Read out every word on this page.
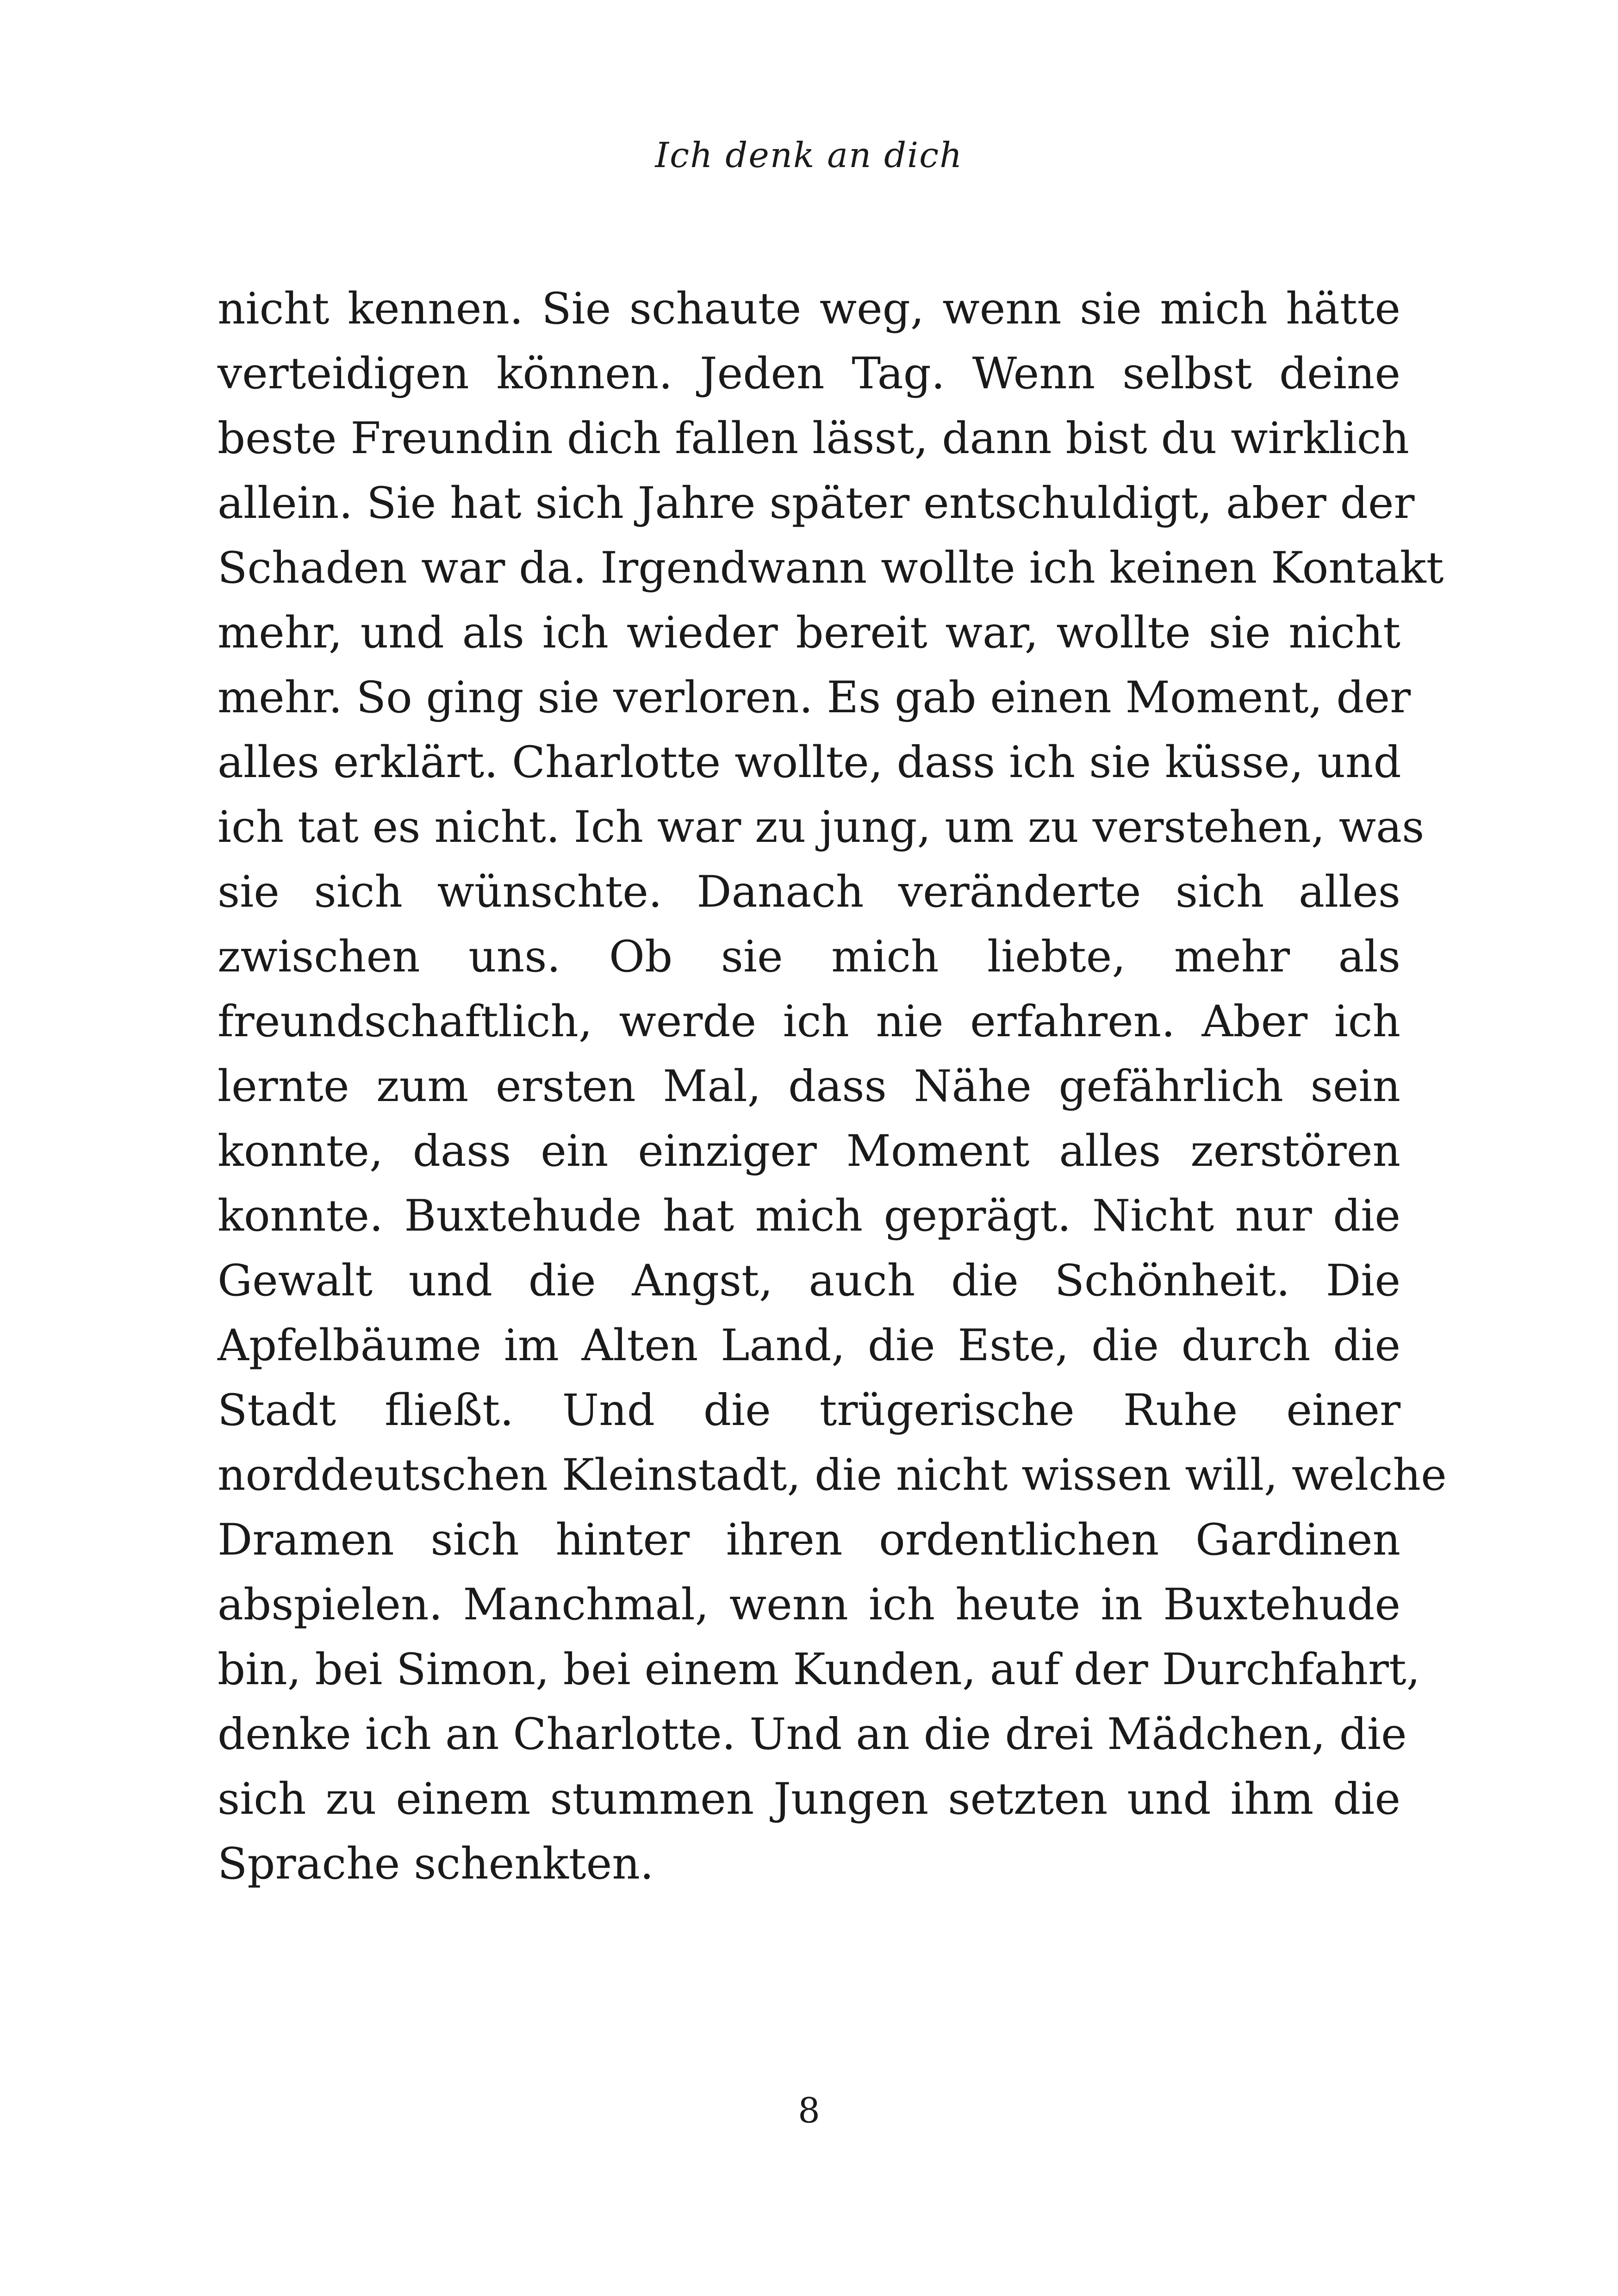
Ich denk an dich

nicht kennen. Sie schaute weg, wenn sie mich hätte
verteidigen können. Jeden Tag. Wenn selbst deine
beste Freundin dich fallen lässt, dann bist du wirklich
allein. Sie hat sich Jahre später entschuldigt, aber der
Schaden war da. Irgendwann wollte ich keinen Kontakt
mehr, und als ich wieder bereit war, wollte sie nicht
mehr. So ging sie verloren. Es gab einen Moment, der
alles erklärt. Charlotte wollte, dass ich sie küsse, und
ich tat es nicht. Ich war zu jung, um zu verstehen, was
sie sich wünschte. Danach veränderte sich alles
zwischen uns. Ob sie mich liebte, mehr als
freundschaftlich, werde ich nie erfahren. Aber ich
lernte zum ersten Mal, dass Nähe gefährlich sein
konnte, dass ein einziger Moment alles zerstören
konnte. Buxtehude hat mich geprägt. Nicht nur die
Gewalt und die Angst, auch die Schönheit. Die
Apfelbäume im Alten Land, die Este, die durch die
Stadt fließt. Und die trügerische Ruhe einer
norddeutschen Kleinstadt, die nicht wissen will, welche
Dramen sich hinter ihren ordentlichen Gardinen
abspielen. Manchmal, wenn ich heute in Buxtehude
bin, bei Simon, bei einem Kunden, auf der Durchfahrt,
denke ich an Charlotte. Und an die drei Mädchen, die
sich zu einem stummen Jungen setzten und ihm die
Sprache schenkten.

8
